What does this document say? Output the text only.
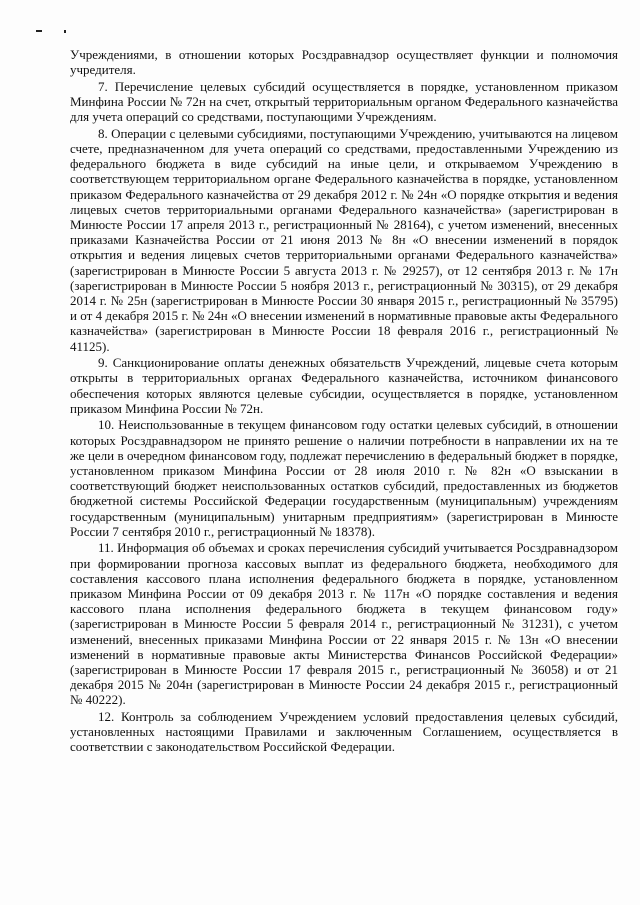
Учреждениями, в отношении которых Росздравнадзор осуществляет функции и полномочия учредителя.

7. Перечисление целевых субсидий осуществляется в порядке, установленном приказом Минфина России № 72н на счет, открытый территориальным органом Федерального казначейства для учета операций со средствами, поступающими Учреждениям.

8. Операции с целевыми субсидиями, поступающими Учреждению, учитываются на лицевом счете, предназначенном для учета операций со средствами, предоставленными Учреждению из федерального бюджета в виде субсидий на иные цели, и открываемом Учреждению в соответствующем территориальном органе Федерального казначейства в порядке, установленном приказом Федерального казначейства от 29 декабря 2012 г. № 24н «О порядке открытия и ведения лицевых счетов территориальными органами Федерального казначейства» (зарегистрирован в Минюсте России 17 апреля 2013 г., регистрационный № 28164), с учетом изменений, внесенных приказами Казначейства России от 21 июня 2013 № 8н «О внесении изменений в порядок открытия и ведения лицевых счетов территориальными органами Федерального казначейства» (зарегистрирован в Минюсте России 5 августа 2013 г. № 29257), от 12 сентября 2013 г. № 17н (зарегистрирован в Минюсте России 5 ноября 2013 г., регистрационный № 30315), от 29 декабря 2014 г. № 25н (зарегистрирован в Минюсте России 30 января 2015 г., регистрационный № 35795) и от 4 декабря 2015 г. № 24н «О внесении изменений в нормативные правовые акты Федерального казначейства» (зарегистрирован в Минюсте России 18 февраля 2016 г., регистрационный № 41125).

9. Санкционирование оплаты денежных обязательств Учреждений, лицевые счета которым открыты в территориальных органах Федерального казначейства, источником финансового обеспечения которых являются целевые субсидии, осуществляется в порядке, установленном приказом Минфина России № 72н.

10. Неиспользованные в текущем финансовом году остатки целевых субсидий, в отношении которых Росздравнадзором не принято решение о наличии потребности в направлении их на те же цели в очередном финансовом году, подлежат перечислению в федеральный бюджет в порядке, установленном приказом Минфина России от 28 июля 2010 г. № 82н «О взыскании в соответствующий бюджет неиспользованных остатков субсидий, предоставленных из бюджетов бюджетной системы Российской Федерации государственным (муниципальным) учреждениям государственным (муниципальным) унитарным предприятиям» (зарегистрирован в Минюсте России 7 сентября 2010 г., регистрационный № 18378).

11. Информация об объемах и сроках перечисления субсидий учитывается Росздравнадзором при формировании прогноза кассовых выплат из федерального бюджета, необходимого для составления кассового плана исполнения федерального бюджета в порядке, установленном приказом Минфина России от 09 декабря 2013 г. № 117н «О порядке составления и ведения кассового плана исполнения федерального бюджета в текущем финансовом году» (зарегистрирован в Минюсте России 5 февраля 2014 г., регистрационный № 31231), с учетом изменений, внесенных приказами Минфина России от 22 января 2015 г. № 13н «О внесении изменений в нормативные правовые акты Министерства Финансов Российской Федерации» (зарегистрирован в Минюсте России 17 февраля 2015 г., регистрационный № 36058) и от 21 декабря 2015 № 204н (зарегистрирован в Минюсте России 24 декабря 2015 г., регистрационный № 40222).

12. Контроль за соблюдением Учреждением условий предоставления целевых субсидий, установленных настоящими Правилами и заключенным Соглашением, осуществляется в соответствии с законодательством Российской Федерации.
